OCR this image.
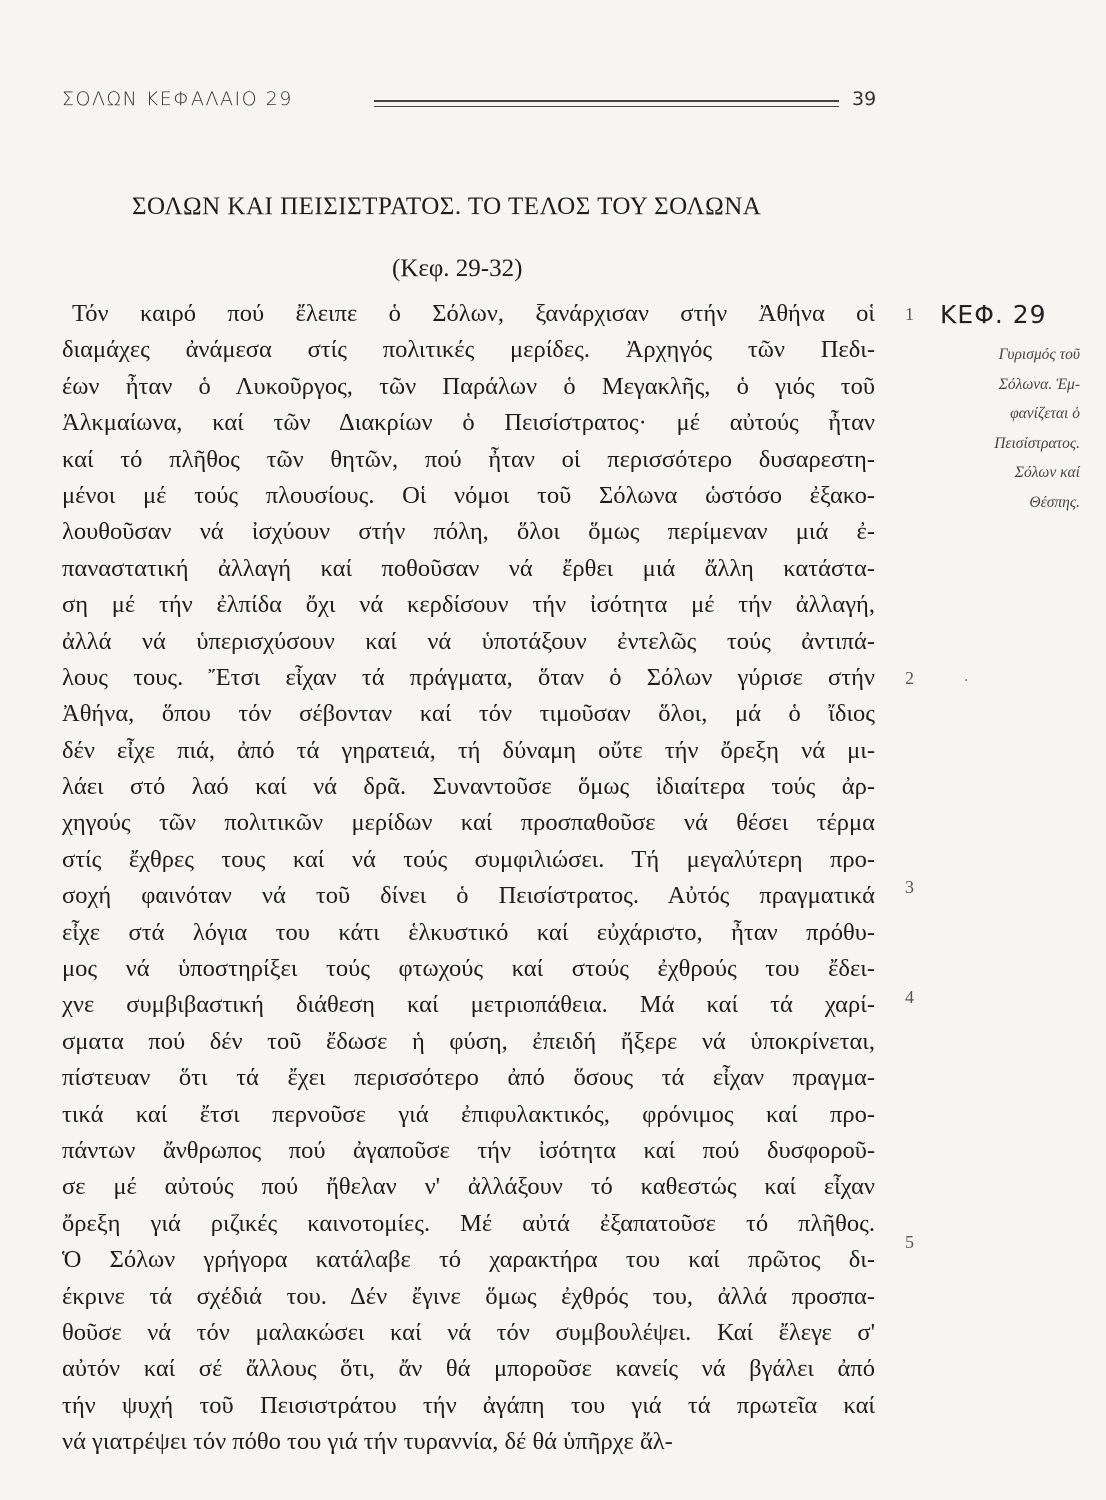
ΣΟΛΩΝ ΚΕΦΑΛΑΙΟ 29	39
ΣΟΛΩΝ ΚΑΙ ΠΕΙΣΙΣΤΡΑΤΟΣ. ΤΟ ΤΕΛΟΣ ΤΟΥ ΣΟΛΩΝΑ
(Κεφ. 29-32)
Τόν καιρό πού ἔλειπε ὁ Σόλων, ξανάρχισαν στήν Ἀθήνα οἱ
διαμάχες ἀνάμεσα στίς πολιτικές μερίδες. Ἀρχηγός τῶν Πεδι-
έων ἦταν ὁ Λυκοῦργος, τῶν Παράλων ὁ Μεγακλῆς, ὁ γιός τοῦ
Ἀλκμαίωνα, καί τῶν Διακρίων ὁ Πεισίστρατος· μέ αὐτούς ἦταν
καί τό πλῆθος τῶν θητῶν, πού ἦταν οἱ περισσότερο δυσαρεστη-
μένοι μέ τούς πλουσίους. Οἱ νόμοι τοῦ Σόλωνα ὡστόσο ἐξακο-
λουθοῦσαν νά ἰσχύουν στήν πόλη, ὅλοι ὅμως περίμεναν μιά ἐ-
παναστατική ἀλλαγή καί ποθοῦσαν νά ἔρθει μιά ἄλλη κατάστα-
ση μέ τήν ἐλπίδα ὄχι νά κερδίσουν τήν ἰσότητα μέ τήν ἀλλαγή,
ἀλλά νά ὑπερισχύσουν καί νά ὑποτάξουν ἐντελῶς τούς ἀντιπά-
λους τους. Ἔτσι εἶχαν τά πράγματα, ὅταν ὁ Σόλων γύρισε στήν
Ἀθήνα, ὅπου τόν σέβονταν καί τόν τιμοῦσαν ὅλοι, μά ὁ ἴδιος
δέν εἶχε πιά, ἀπό τά γηρατειά, τή δύναμη οὔτε τήν ὄρεξη νά μι-
λάει στό λαό καί νά δρᾶ. Συναντοῦσε ὅμως ἰδιαίτερα τούς ἀρ-
χηγούς τῶν πολιτικῶν μερίδων καί προσπαθοῦσε νά θέσει τέρμα
στίς ἔχθρες τους καί νά τούς συμφιλιώσει. Τή μεγαλύτερη προ-
σοχή φαινόταν νά τοῦ δίνει ὁ Πεισίστρατος. Αὐτός πραγματικά
εἶχε στά λόγια του κάτι ἑλκυστικό καί εὐχάριστο, ἦταν πρόθυ-
μος νά ὑποστηρίξει τούς φτωχούς καί στούς ἐχθρούς του ἔδει-
χνε συμβιβαστική διάθεση καί μετριοπάθεια. Μά καί τά χαρί-
σματα πού δέν τοῦ ἔδωσε ἡ φύση, ἐπειδή ἤξερε νά ὑποκρίνεται,
πίστευαν ὅτι τά ἔχει περισσότερο ἀπό ὅσους τά εἶχαν πραγμα-
τικά καί ἔτσι περνοῦσε γιά ἐπιφυλακτικός, φρόνιμος καί προ-
πάντων ἄνθρωπος πού ἀγαποῦσε τήν ἰσότητα καί πού δυσφοροῦ-
σε μέ αὐτούς πού ἤθελαν ν' ἀλλάξουν τό καθεστώς καί εἶχαν
ὄρεξη γιά ριζικές καινοτομίες. Μέ αὐτά ἐξαπατοῦσε τό πλῆθος.
Ὁ Σόλων γρήγορα κατάλαβε τό χαρακτήρα του καί πρῶτος δι-
έκρινε τά σχέδιά του. Δέν ἔγινε ὅμως ἐχθρός του, ἀλλά προσπα-
θοῦσε νά τόν μαλακώσει καί νά τόν συμβουλέψει. Καί ἔλεγε σ'
αὐτόν καί σέ ἄλλους ὅτι, ἄν θά μποροῦσε κανείς νά βγάλει ἀπό
τήν ψυχή τοῦ Πεισιστράτου τήν ἀγάπη του γιά τά πρωτεῖα καί
νά γιατρέψει τόν πόθο του γιά τήν τυραννία, δέ θά ὑπῆρχε ἄλ-
1
2
3
4
5
ΚΕΦ. 29
Γυρισμός τοῦ
Σόλωνα. Ἐμ-
φανίζεται ὁ
Πεισίστρατος.
Σόλων καί
Θέσπης.
·
